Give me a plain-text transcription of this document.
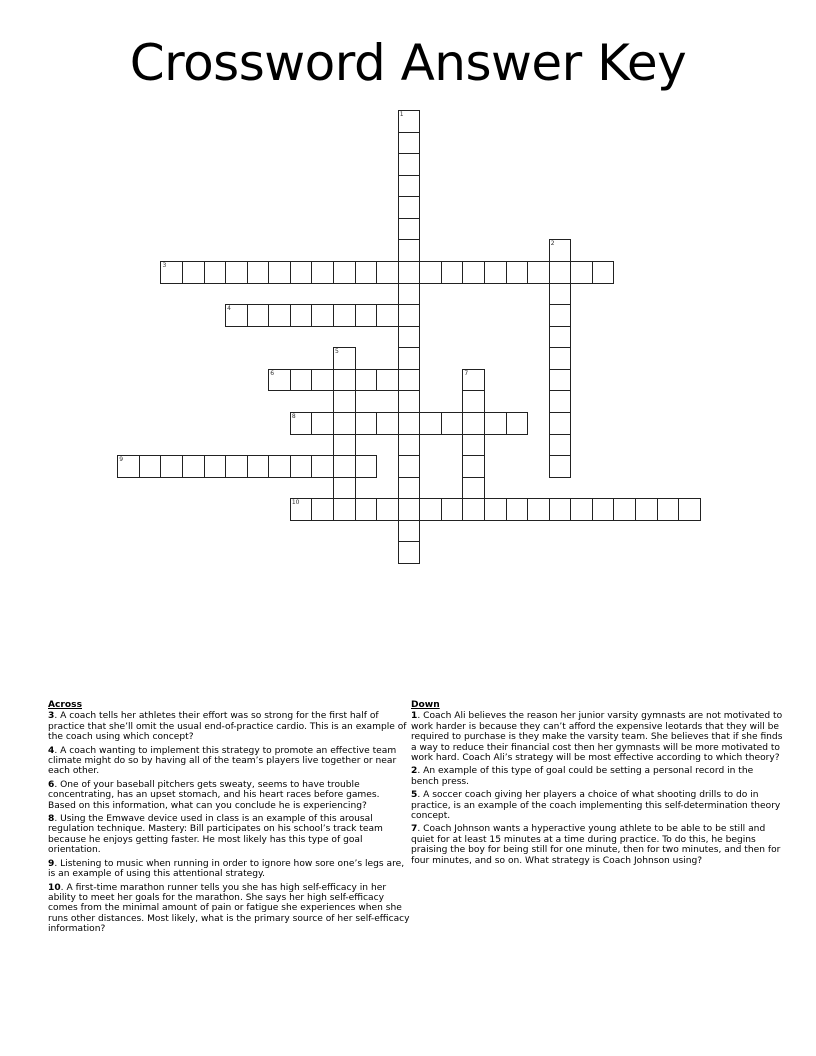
Crossword Answer Key
1
2
3
4
5
6	7
8
9
10
Across
3. A coach tells her athletes their effort was so strong for the first half of practice that she’ll omit the usual end-of-practice cardio. This is an example of the coach using which concept?
4. A coach wanting to implement this strategy to promote an effective team climate might do so by having all of the team’s players live together or near each other.
6. One of your baseball pitchers gets sweaty, seems to have trouble concentrating, has an upset stomach, and his heart races before games. Based on this information, what can you conclude he is experiencing?
8. Using the Emwave device used in class is an example of this arousal regulation technique. Mastery: Bill participates on his school’s track team because he enjoys getting faster. He most likely has this type of goal orientation.
9. Listening to music when running in order to ignore how sore one’s legs are, is an example of using this attentional strategy.
10. A first-time marathon runner tells you she has high self-efficacy in her ability to meet her goals for the marathon. She says her high self-efficacy comes from the minimal amount of pain or fatigue she experiences when she runs other distances. Most likely, what is the primary source of her self-efficacy information?
Down
1. Coach Ali believes the reason her junior varsity gymnasts are not motivated to work harder is because they can’t afford the expensive leotards that they will be required to purchase is they make the varsity team. She believes that if she finds a way to reduce their financial cost then her gymnasts will be more motivated to work hard. Coach Ali’s strategy will be most effective according to which theory?
2. An example of this type of goal could be setting a personal record in the bench press.
5. A soccer coach giving her players a choice of what shooting drills to do in practice, is an example of the coach implementing this self-determination theory concept.
7. Coach Johnson wants a hyperactive young athlete to be able to be still and quiet for at least 15 minutes at a time during practice. To do this, he begins praising the boy for being still for one minute, then for two minutes, and then for four minutes, and so on. What strategy is Coach Johnson using?
